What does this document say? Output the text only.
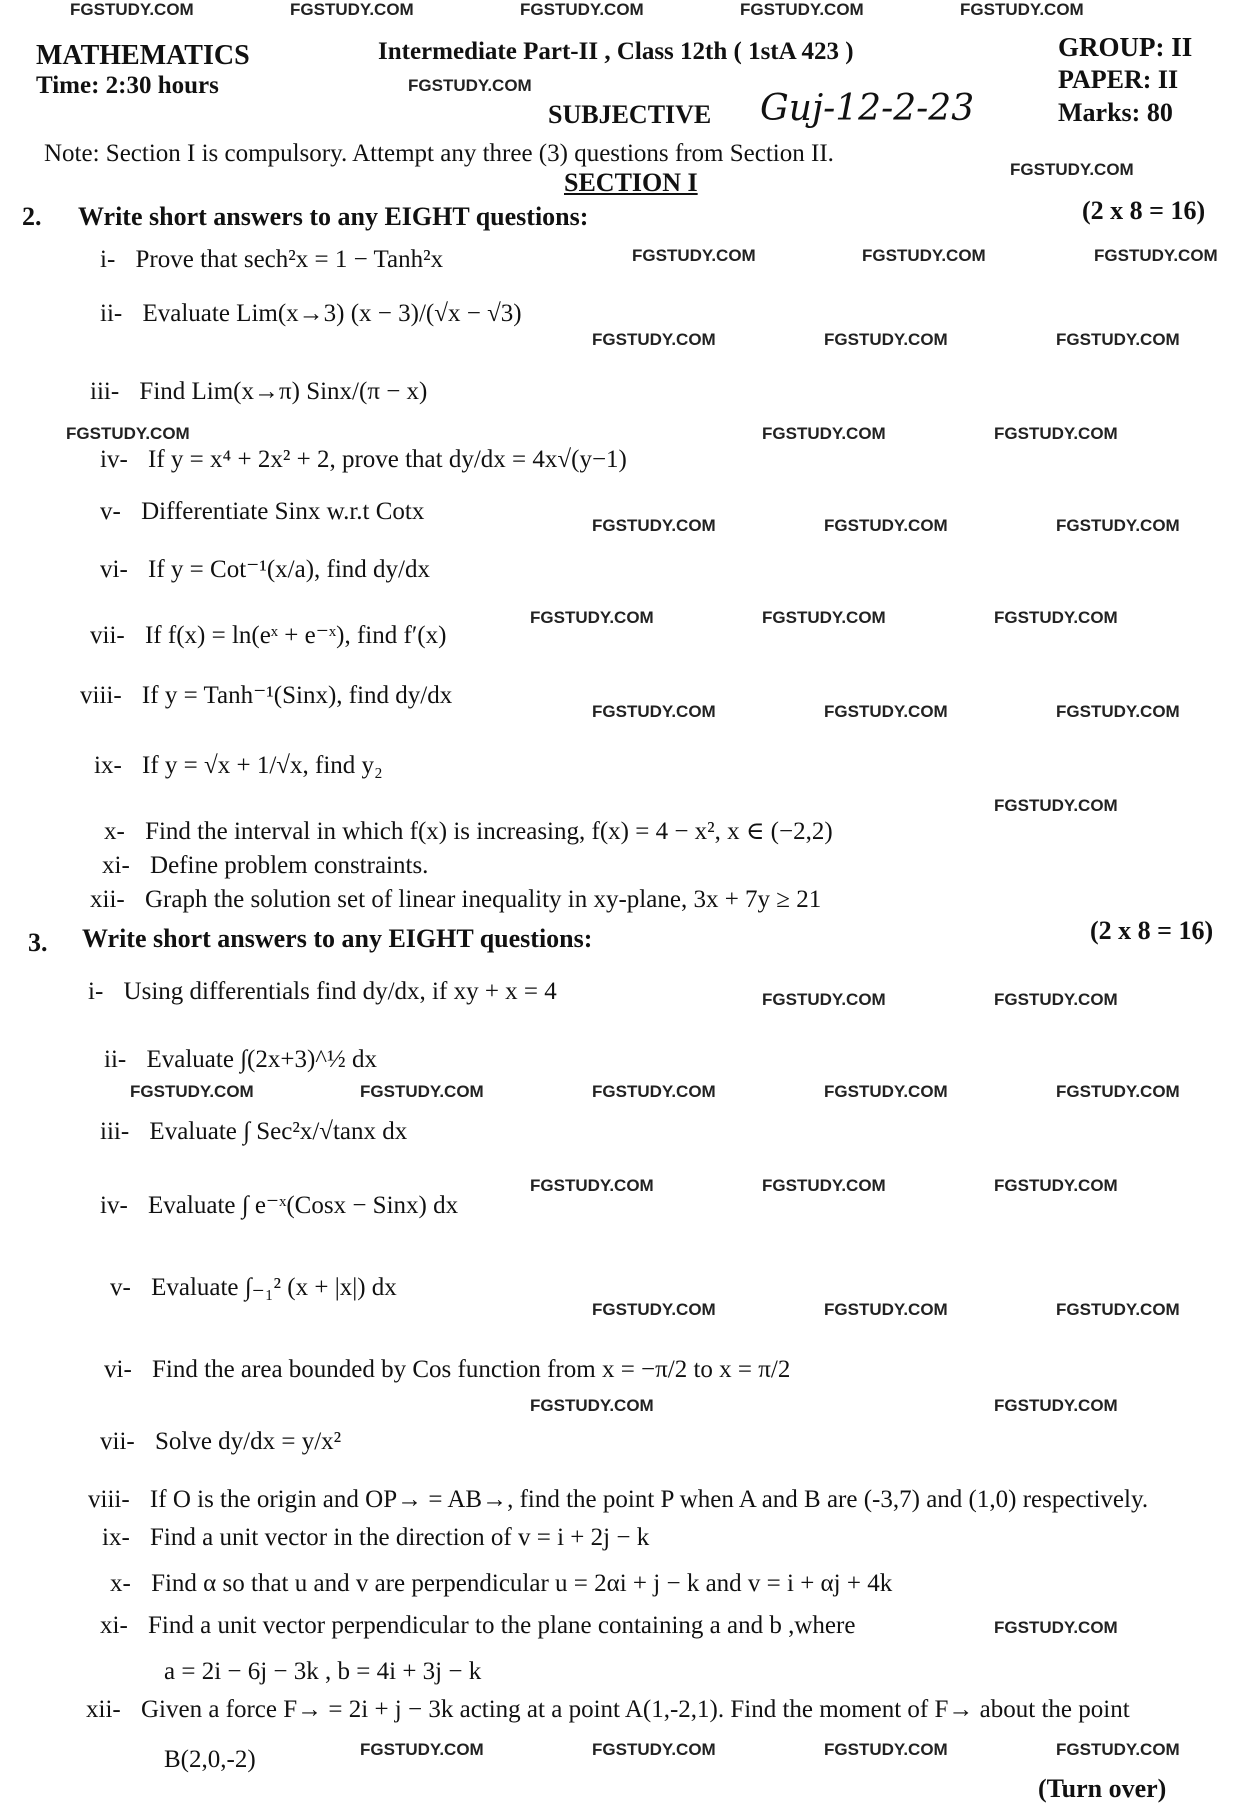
FGSTUDY.COM	FGSTUDY.COM	FGSTUDY.COM	FGSTUDY.COM	FGSTUDY.COM
MATHEMATICS	Intermediate Part-II , Class 12th ( 1stA 423 )	GROUP: II
Time: 2:30 hours	FGSTUDY.COM	PAPER: II
SUBJECTIVE Guj-12-2-23	Marks: 80
Note: Section I is compulsory. Attempt any three (3) questions from Section II.
SECTION I	FGSTUDY.COM
2. Write short answers to any EIGHT questions:	(2 x 8 = 16)
i- Prove that sech²x = 1 − Tanh²x	FGSTUDY.COM	FGSTUDY.COM	FGSTUDY.COM
ii- Evaluate Lim(x→3) (x − 3)/(√x − √3)
FGSTUDY.COM	FGSTUDY.COM	FGSTUDY.COM
iii- Find Lim(x→π) Sinx/(π − x)
FGSTUDY.COM	FGSTUDY.COM	FGSTUDY.COM
iv- If y = x⁴ + 2x² + 2, prove that dy/dx = 4x√(y−1)
v- Differentiate Sinx w.r.t Cotx
FGSTUDY.COM	FGSTUDY.COM	FGSTUDY.COM
vi- If y = Cot⁻¹(x/a), find dy/dx
FGSTUDY.COM	FGSTUDY.COM	FGSTUDY.COM
vii- If f(x) = ln(eˣ + e⁻ˣ), find f′(x)
viii- If y = Tanh⁻¹(Sinx), find dy/dx
FGSTUDY.COM	FGSTUDY.COM	FGSTUDY.COM
ix- If y = √x + 1/√x, find y₂
FGSTUDY.COM
x- Find the interval in which f(x) is increasing, f(x) = 4 − x², x ∈ (−2,2)
xi- Define problem constraints.
xii- Graph the solution set of linear inequality in xy-plane, 3x + 7y ≥ 21
3. Write short answers to any EIGHT questions:	(2 x 8 = 16)
i- Using differentials find dy/dx, if xy + x = 4	FGSTUDY.COM	FGSTUDY.COM
ii- Evaluate ∫(2x+3)^½ dx
FGSTUDY.COM	FGSTUDY.COM	FGSTUDY.COM	FGSTUDY.COM	FGSTUDY.COM
iii- Evaluate ∫ Sec²x/√tanx dx
FGSTUDY.COM	FGSTUDY.COM	FGSTUDY.COM
iv- Evaluate ∫ e⁻ˣ(Cosx − Sinx) dx
v- Evaluate ∫₋₁² (x + |x|) dx
FGSTUDY.COM	FGSTUDY.COM	FGSTUDY.COM
vi- Find the area bounded by Cos function from x = −π/2 to x = π/2
FGSTUDY.COM	FGSTUDY.COM
vii- Solve dy/dx = y/x²
viii- If O is the origin and OP→ = AB→, find the point P when A and B are (-3,7) and (1,0) respectively.
ix- Find a unit vector in the direction of v = i + 2j − k
x- Find α so that u and v are perpendicular u = 2αi + j − k and v = i + αj + 4k
xi- Find a unit vector perpendicular to the plane containing a and b ,where	FGSTUDY.COM
a = 2i − 6j − 3k , b = 4i + 3j − k
xii- Given a force F→ = 2i + j − 3k acting at a point A(1,-2,1). Find the moment of F→ about the point
B(2,0,-2)	FGSTUDY.COM	FGSTUDY.COM	FGSTUDY.COM	FGSTUDY.COM
(Turn over)
